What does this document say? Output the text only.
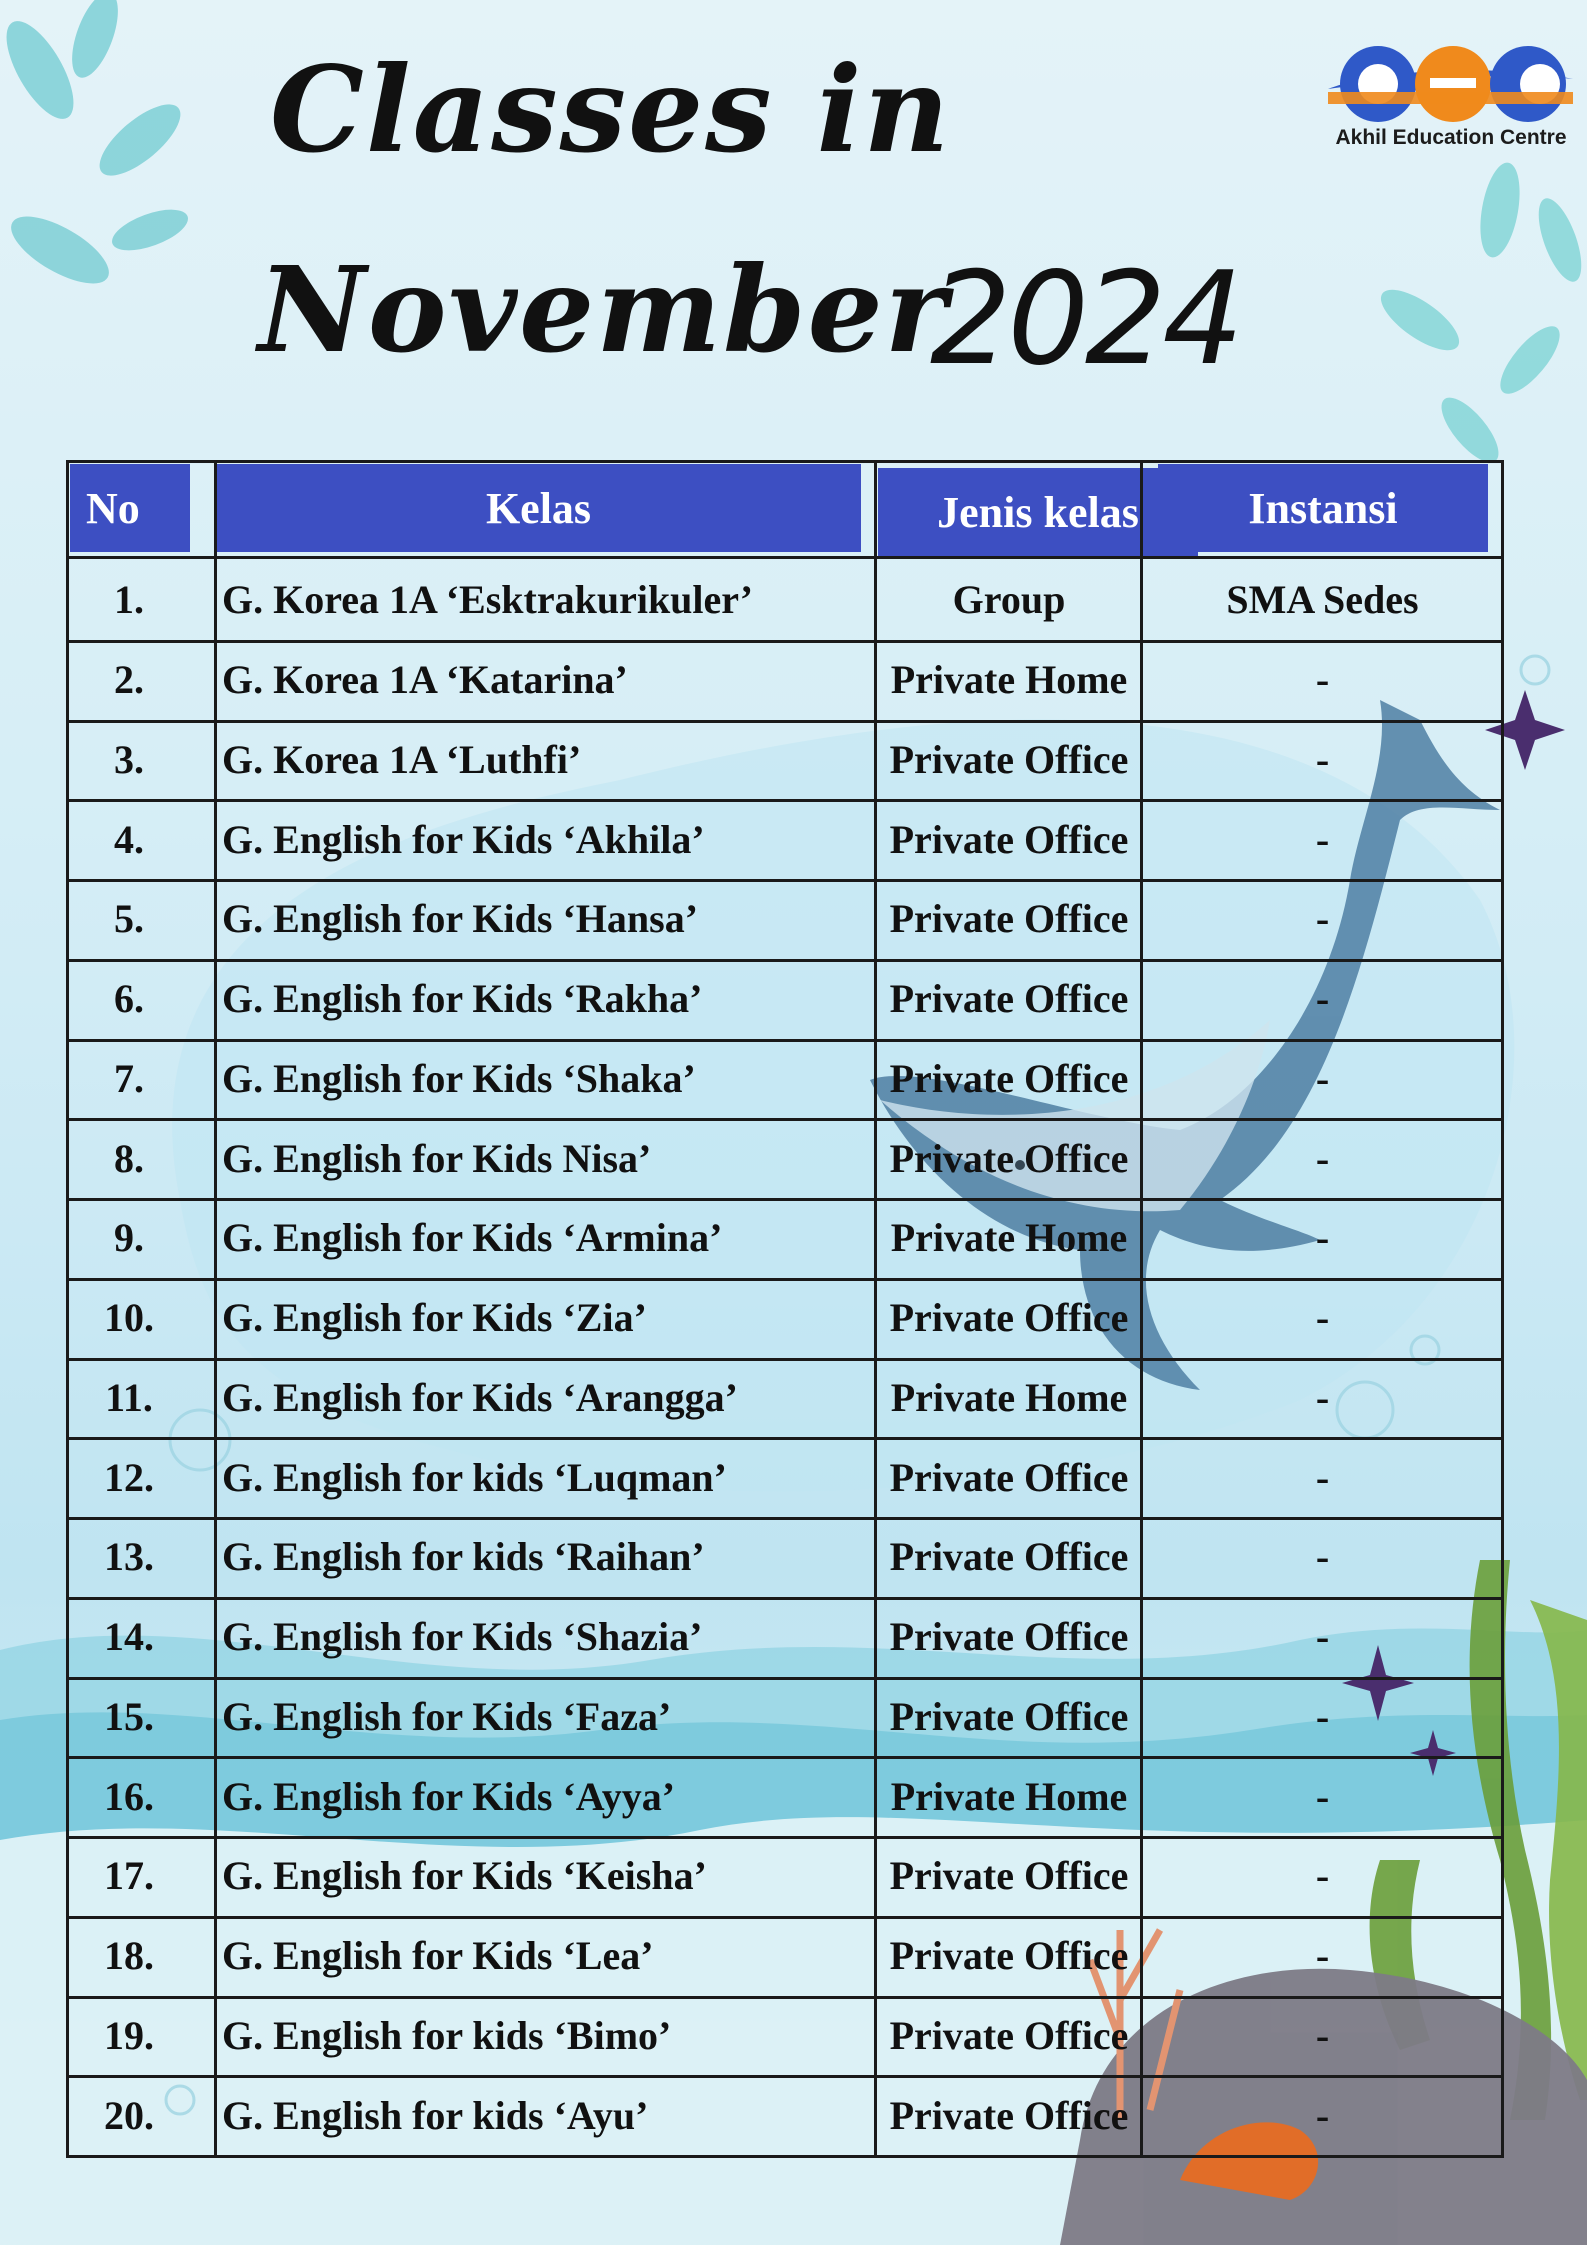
Classes in
November
2024
Akhil Education Centre
No	Kelas	Jenis kelas	Instansi
1.	G. Korea 1A ‘Esktrakurikuler’	Group	SMA Sedes
2.	G. Korea 1A ‘Katarina’	Private Home	-
3.	G. Korea 1A ‘Luthfi’	Private Office	-
4.	G. English for Kids ‘Akhila’	Private Office	-
5.	G. English for Kids ‘Hansa’	Private Office	-
6.	G. English for Kids ‘Rakha’	Private Office	-
7.	G. English for Kids ‘Shaka’	Private Office	-
8.	G. English for Kids Nisa’	Private Office	-
9.	G. English for Kids ‘Armina’	Private Home	-
10.	G. English for Kids ‘Zia’	Private Office	-
11.	G. English for Kids ‘Arangga’	Private Home	-
12.	G. English for kids ‘Luqman’	Private Office	-
13.	G. English for kids ‘Raihan’	Private Office	-
14.	G. English for Kids ‘Shazia’	Private Office	-
15.	G. English for Kids ‘Faza’	Private Office	-
16.	G. English for Kids ‘Ayya’	Private Home	-
17.	G. English for Kids ‘Keisha’	Private Office	-
18.	G. English for Kids ‘Lea’	Private Office	-
19.	G. English for kids ‘Bimo’	Private Office	-
20.	G. English for kids ‘Ayu’	Private Office	-
